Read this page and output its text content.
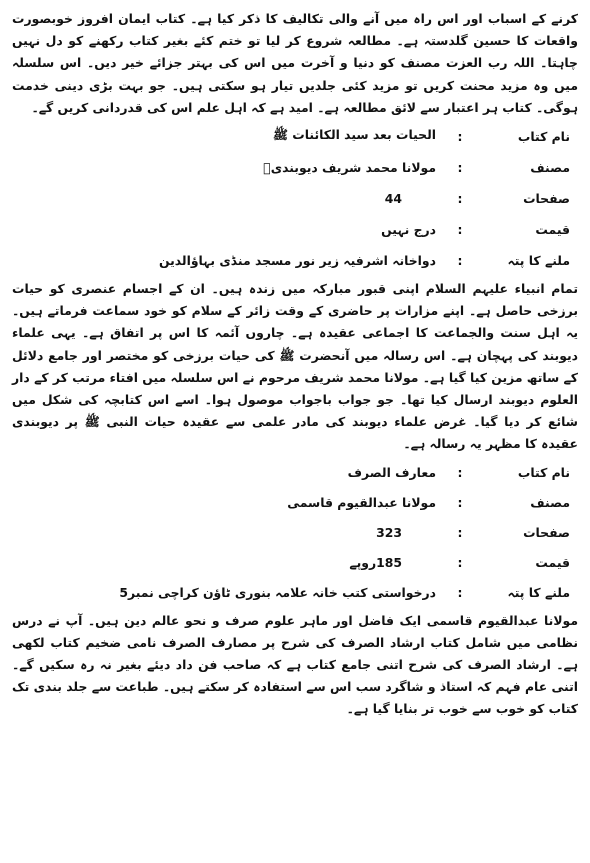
کرنے کے اسباب اور اس راہ میں آنے والی تکالیف کا ذکر کیا ہے۔ کتاب ایمان افروز خوبصورت واقعات کا حسین گلدستہ ہے۔ مطالعہ شروع کر لیا تو ختم کئے بغیر کتاب رکھنے کو دل نہیں چاہتا۔ اللہ رب العزت مصنف کو دنیا و آخرت میں اس کی بہتر جزائے خیر دیں۔ اس سلسلہ میں وہ مزید محنت کریں تو مزید کئی جلدیں تیار ہو سکتی ہیں۔ جو بہت بڑی دینی خدمت ہوگی۔ کتاب ہر اعتبار سے لائق مطالعہ ہے۔ امید ہے کہ اہل علم اس کی قدردانی کریں گے۔

نام کتاب	:	الحیات بعد سید الکائنات ﷺ
مصنف	:	مولانا محمد شریف دیوبندیؒ
صفحات	:	44
قیمت	:	درج نہیں
ملنے کا پتہ	:	دواخانہ اشرفیہ زیر نور مسجد منڈی بہاؤالدین

تمام انبیاء علیہم السلام اپنی قبور مبارکہ میں زندہ ہیں۔ ان کے اجسام عنصری کو حیات برزخی حاصل ہے۔ اپنے مزارات پر حاضری کے وقت زائر کے سلام کو خود سماعت فرماتے ہیں۔ یہ اہل سنت والجماعت کا اجماعی عقیدہ ہے۔ چاروں آئمہ کا اس پر اتفاق ہے۔ یہی علماء دیوبند کی پہچان ہے۔ اس رسالہ میں آنحضرت ﷺ کی حیات برزخی کو مختصر اور جامع دلائل کے ساتھ مزین کیا گیا ہے۔ مولانا محمد شریف مرحوم نے اس سلسلہ میں افتاء مرتب کر کے دار العلوم دیوبند ارسال کیا تھا۔ جو جواب باجواب موصول ہوا۔ اسے اس کتابچہ کی شکل میں شائع کر دیا گیا۔ غرض علماء دیوبند کی مادر علمی سے عقیدہ حیات النبی ﷺ پر دیوبندی عقیدہ کا مظہر یہ رسالہ ہے۔

نام کتاب	:	معارف الصرف
مصنف	:	مولانا عبدالقیوم قاسمی
صفحات	:	323
قیمت	:	185روپے
ملنے کا پتہ	:	درخواستی کتب خانہ علامہ بنوری ٹاؤن کراچی نمبر5

مولانا عبدالقیوم قاسمی ایک فاضل اور ماہر علوم صرف و نحو عالم دین ہیں۔ آپ نے درس نظامی میں شامل کتاب ارشاد الصرف کی شرح پر مصارف الصرف نامی ضخیم کتاب لکھی ہے۔ ارشاد الصرف کی شرح اتنی جامع کتاب ہے کہ صاحب فن داد دیئے بغیر نہ رہ سکیں گے۔ اتنی عام فہم کہ استاذ و شاگرد سب اس سے استفادہ کر سکتے ہیں۔ طباعت سے جلد بندی تک کتاب کو خوب سے خوب تر بنایا گیا ہے۔
